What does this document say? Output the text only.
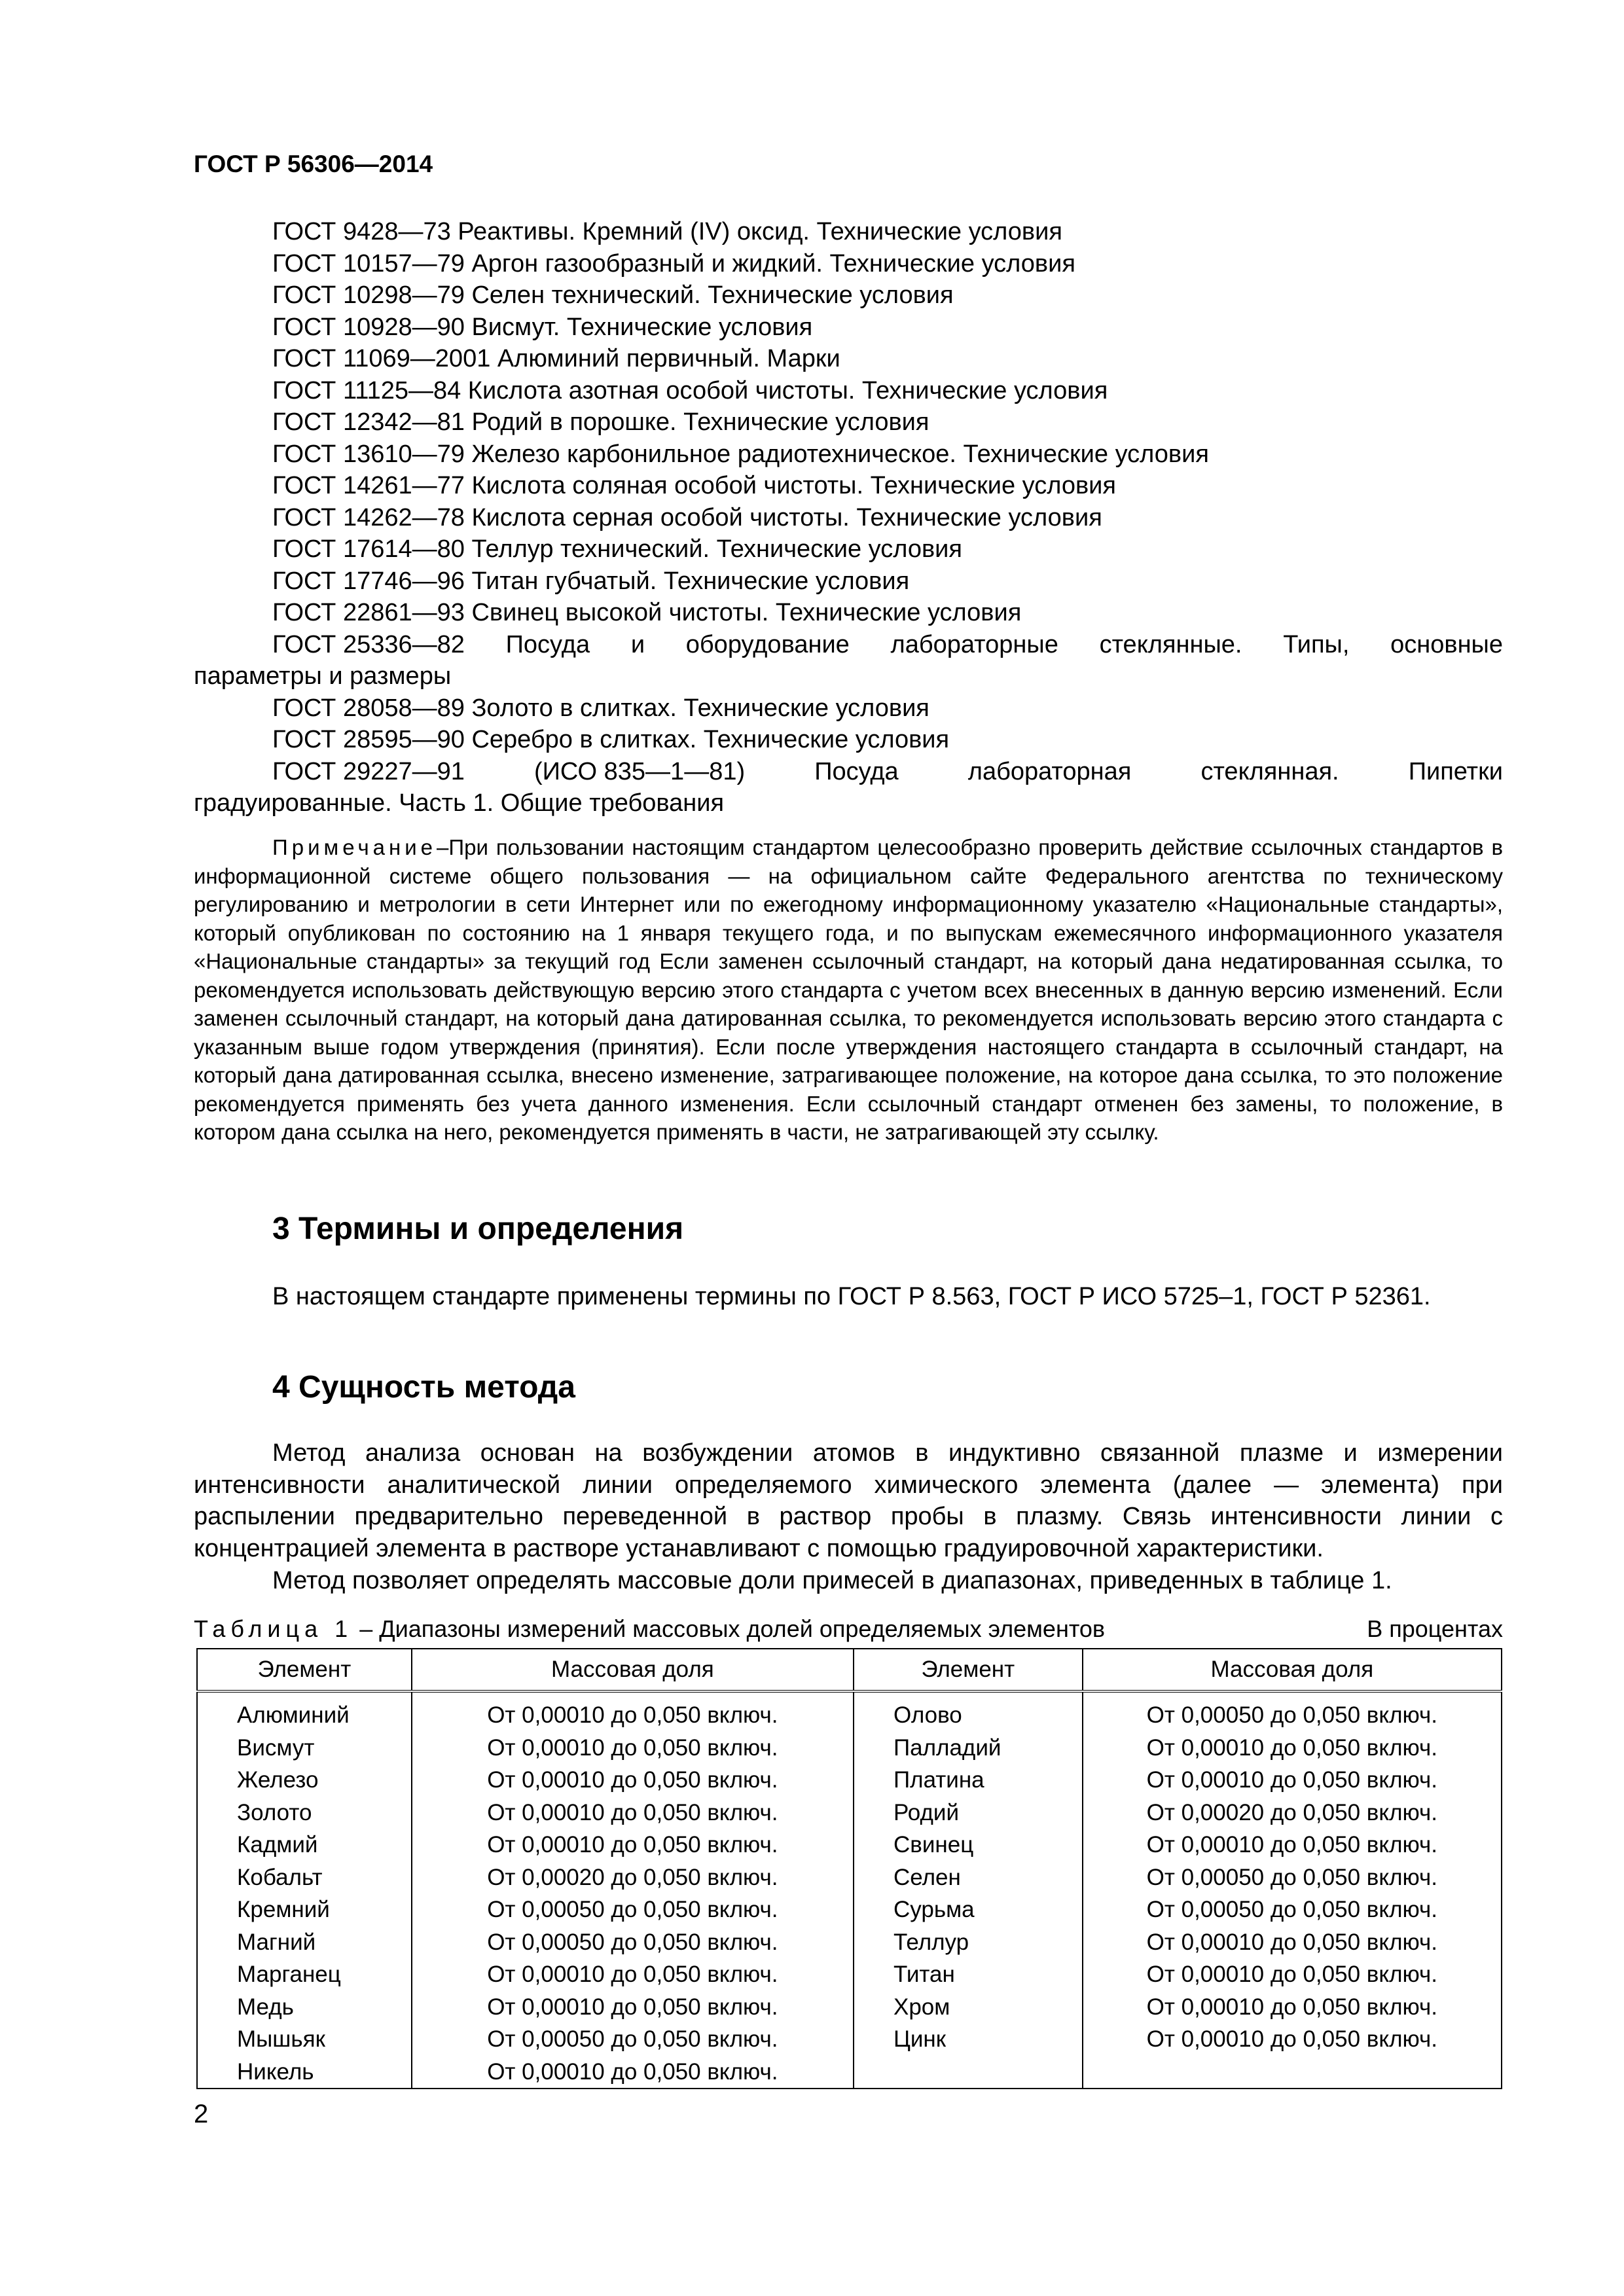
ГОСТ Р 56306—2014
ГОСТ 9428—73 Реактивы. Кремний (IV) оксид. Технические условия
ГОСТ 10157—79 Аргон газообразный и жидкий. Технические условия
ГОСТ 10298—79 Селен технический. Технические условия
ГОСТ 10928—90 Висмут. Технические условия
ГОСТ 11069—2001 Алюминий первичный. Марки
ГОСТ 11125—84 Кислота азотная особой чистоты. Технические условия
ГОСТ 12342—81 Родий в порошке. Технические условия
ГОСТ 13610—79 Железо карбонильное радиотехническое. Технические условия
ГОСТ 14261—77 Кислота соляная особой чистоты. Технические условия
ГОСТ 14262—78 Кислота серная особой чистоты. Технические условия
ГОСТ 17614—80 Теллур технический. Технические условия
ГОСТ 17746—96 Титан губчатый. Технические условия
ГОСТ 22861—93 Свинец высокой чистоты. Технические условия
ГОСТ 25336—82 Посуда и оборудование лабораторные стеклянные. Типы, основные
параметры и размеры
ГОСТ 28058—89 Золото в слитках. Технические условия
ГОСТ 28595—90 Серебро в слитках. Технические условия
ГОСТ 29227—91	(ИСО 835—1—81)	Посуда	лабораторная	стеклянная.	Пипетки
градуированные. Часть 1. Общие требования
Примечание–При пользовании настоящим стандартом целесообразно проверить действие ссылочных стандартов в информационной системе общего пользования — на официальном сайте Федерального агентства по техническому регулированию и метрологии в сети Интернет или по ежегодному информационному указателю «Национальные стандарты», который опубликован по состоянию на 1 января текущего года, и по выпускам ежемесячного информационного указателя «Национальные стандарты» за текущий год Если заменен ссылочный стандарт, на который дана недатированная ссылка, то рекомендуется использовать действующую версию этого стандарта с учетом всех внесенных в данную версию изменений. Если заменен ссылочный стандарт, на который дана датированная ссылка, то рекомендуется использовать версию этого стандарта с указанным выше годом утверждения (принятия). Если после утверждения настоящего стандарта в ссылочный стандарт, на который дана датированная ссылка, внесено изменение, затрагивающее положение, на которое дана ссылка, то это положение рекомендуется применять без учета данного изменения. Если ссылочный стандарт отменен без замены, то положение, в котором дана ссылка на него, рекомендуется применять в части, не затрагивающей эту ссылку.
3 Термины и определения
В настоящем стандарте применены термины по ГОСТ Р 8.563, ГОСТ Р ИСО 5725–1, ГОСТ Р 52361.
4 Сущность метода
Метод анализа основан на возбуждении атомов в индуктивно связанной плазме и измерении интенсивности аналитической линии определяемого химического элемента (далее — элемента) при распылении предварительно переведенной в раствор пробы в плазму. Связь интенсивности линии с концентрацией элемента в растворе устанавливают с помощью градуировочной характеристики.
Метод позволяет определять массовые доли примесей в диапазонах, приведенных в таблице 1.
Таблица 1 – Диапазоны измерений массовых долей определяемых элементов	В процентах
Элемент	Массовая доля	Элемент	Массовая доля
Алюминий	От 0,00010 до 0,050 включ.	Олово	От 0,00050 до 0,050 включ.
Висмут	От 0,00010 до 0,050 включ.	Палладий	От 0,00010 до 0,050 включ.
Железо	От 0,00010 до 0,050 включ.	Платина	От 0,00010 до 0,050 включ.
Золото	От 0,00010 до 0,050 включ.	Родий	От 0,00020 до 0,050 включ.
Кадмий	От 0,00010 до 0,050 включ.	Свинец	От 0,00010 до 0,050 включ.
Кобальт	От 0,00020 до 0,050 включ.	Селен	От 0,00050 до 0,050 включ.
Кремний	От 0,00050 до 0,050 включ.	Сурьма	От 0,00050 до 0,050 включ.
Магний	От 0,00050 до 0,050 включ.	Теллур	От 0,00010 до 0,050 включ.
Марганец	От 0,00010 до 0,050 включ.	Титан	От 0,00010 до 0,050 включ.
Медь	От 0,00010 до 0,050 включ.	Хром	От 0,00010 до 0,050 включ.
Мышьяк	От 0,00050 до 0,050 включ.	Цинк	От 0,00010 до 0,050 включ.
Никель	От 0,00010 до 0,050 включ.		
2
